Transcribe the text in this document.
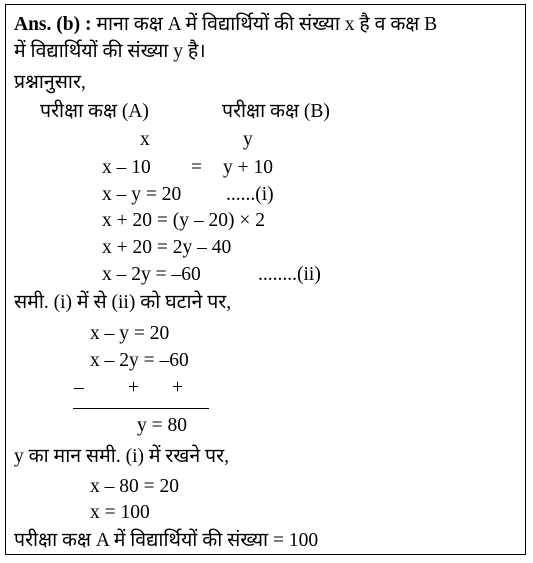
Ans. (b) : माना कक्ष A में विद्यार्थियों की संख्या x है व कक्ष B
में विद्यार्थियों की संख्या y है।
प्रश्नानुसार,
परीक्षा कक्ष (A)	परीक्षा कक्ष (B)
x	y
x – 10 = y + 10
x – y = 20 ......(i)
x + 20 = (y – 20) × 2
x + 20 = 2y – 40
x – 2y = –60	........(ii)
समी. (i) में से (ii) को घटाने पर,
x – y = 20
x – 2y = –60
– + +
y = 80
y का मान समी. (i) में रखने पर,
x – 80 = 20
x = 100
परीक्षा कक्ष A में विद्यार्थियों की संख्या = 100
